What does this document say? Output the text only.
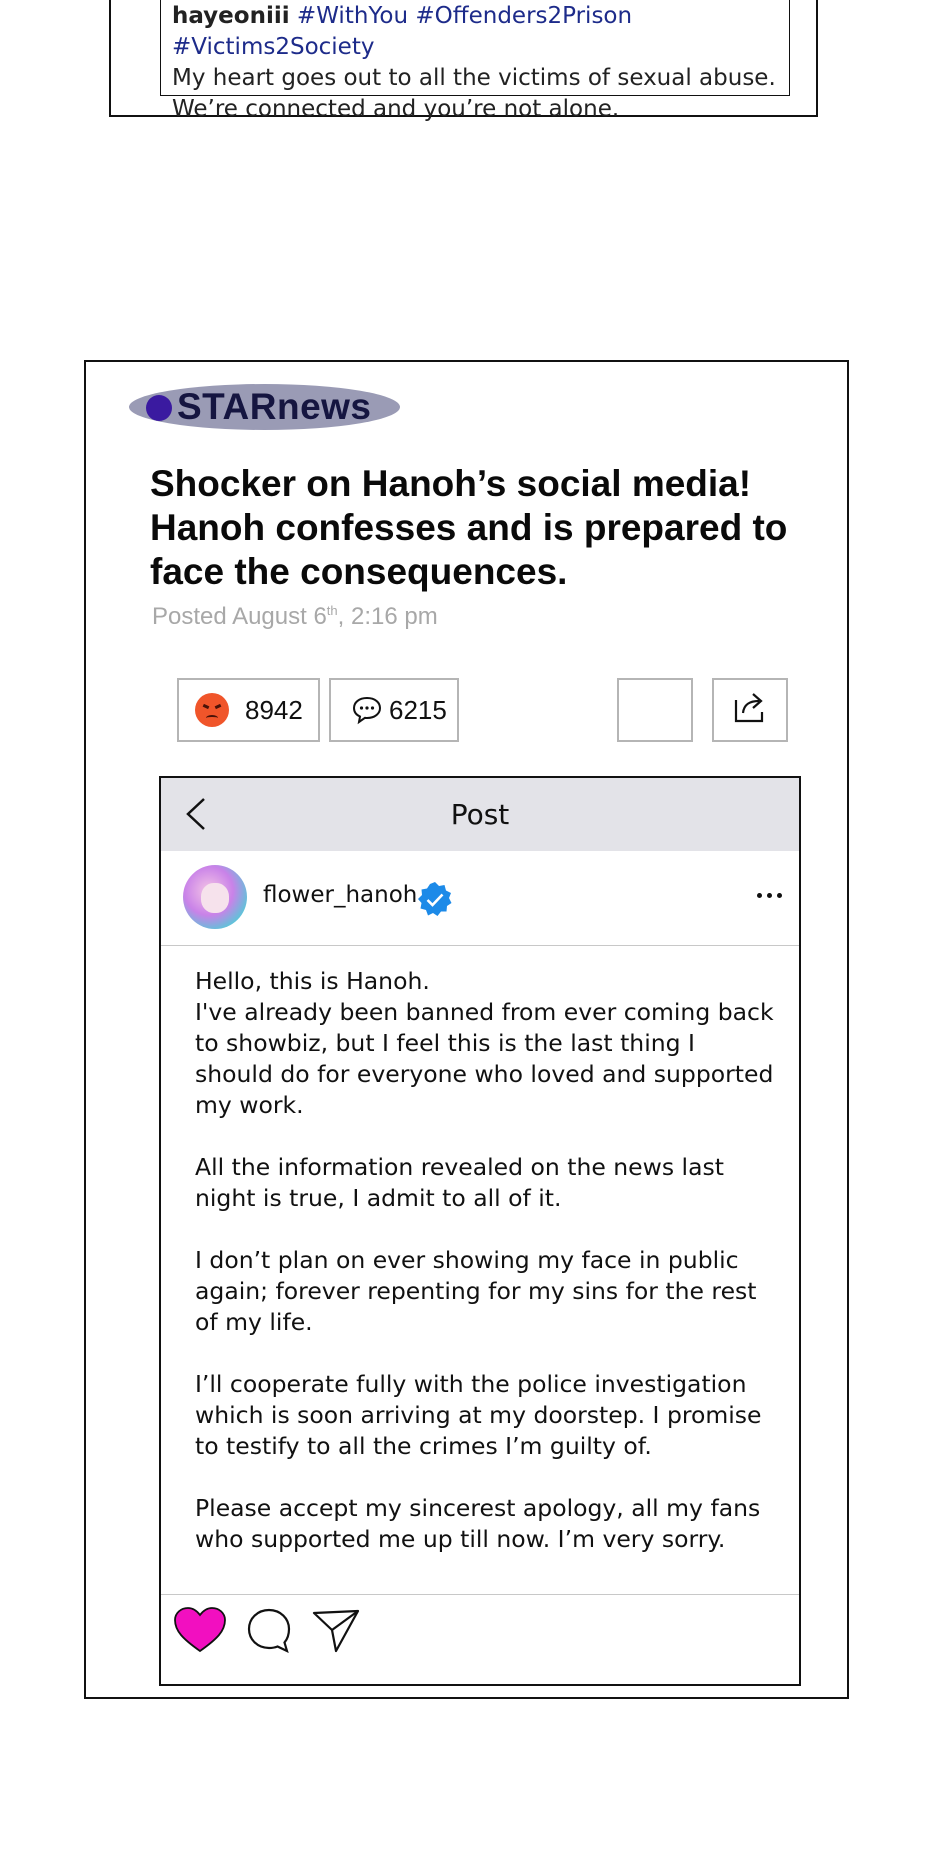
hayeoniii #WithYou #Offenders2Prison #Victims2Society
My heart goes out to all the victims of sexual abuse. We’re connected and you’re not alone.
STARnews
Shocker on Hanoh’s social media! Hanoh confesses and is prepared to face the consequences.
Posted August 6th, 2:16 pm
8942	6215
Post
flower_hanoh

Hello, this is Hanoh.
I've already been banned from ever coming back to showbiz, but I feel this is the last thing I should do for everyone who loved and supported my work.

All the information revealed on the news last night is true, I admit to all of it.

I don’t plan on ever showing my face in public again; forever repenting for my sins for the rest of my life.

I’ll cooperate fully with the police investigation which is soon arriving at my doorstep. I promise to testify to all the crimes I’m guilty of.

Please accept my sincerest apology, all my fans who supported me up till now. I’m very sorry.
